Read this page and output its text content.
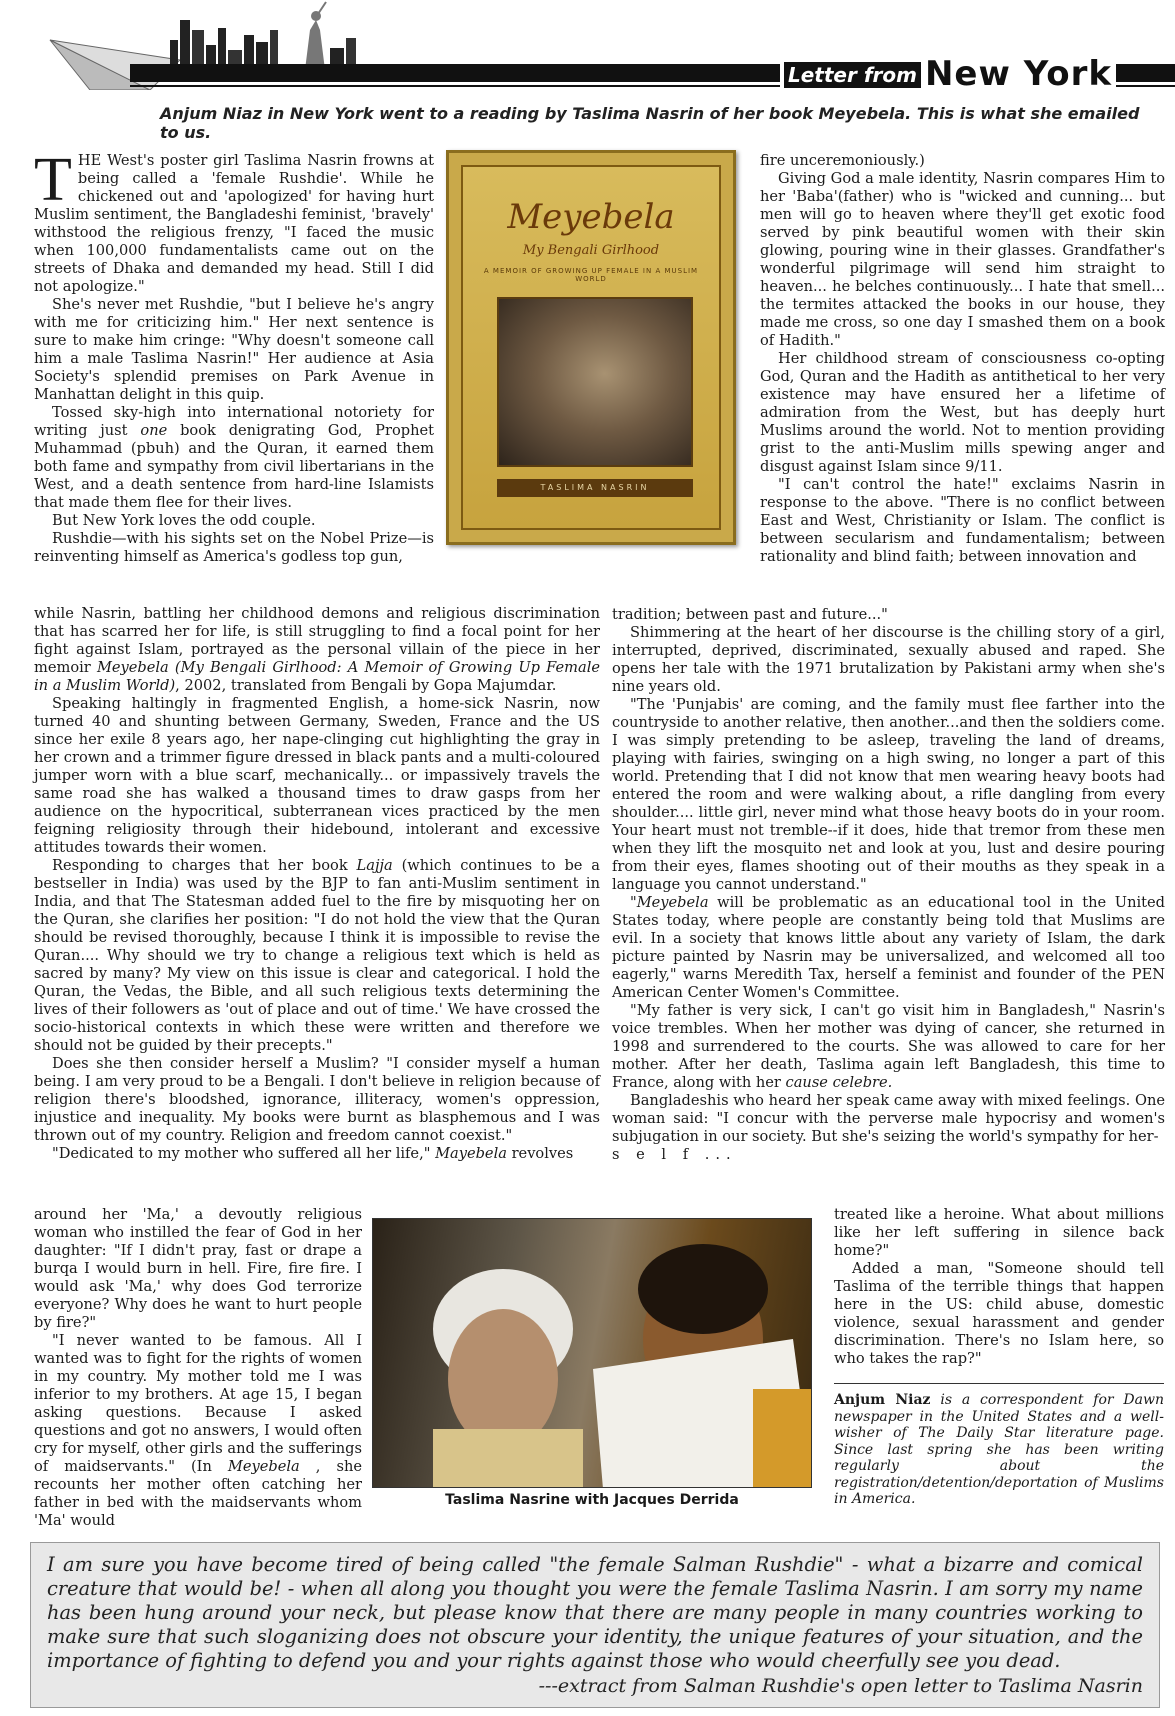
Letter from New York
Anjum Niaz in New York went to a reading by Taslima Nasrin of her book Meyebela. This is what she emailed to us.

THE West's poster girl Taslima Nasrin frowns at being called a 'female Rushdie'. While he chickened out and 'apologized' for having hurt Muslim sentiment, the Bangladeshi feminist, 'bravely' withstood the religious frenzy, "I faced the music when 100,000 fundamentalists came out on the streets of Dhaka and demanded my head. Still I did not apologize."

She's never met Rushdie, "but I believe he's angry with me for criticizing him." Her next sentence is sure to make him cringe: "Why doesn't someone call him a male Taslima Nasrin!" Her audience at Asia Society's splendid premises on Park Avenue in Manhattan delight in this quip.

Tossed sky-high into international notoriety for writing just one book denigrating God, Prophet Muhammad (pbuh) and the Quran, it earned them both fame and sympathy from civil libertarians in the West, and a death sentence from hard-line Islamists that made them flee for their lives.

But New York loves the odd couple.

Rushdie—with his sights set on the Nobel Prize—is reinventing himself as America's godless top gun,

Meyebela
My Bengali Girlhood
A MEMOIR OF GROWING UP FEMALE IN A MUSLIM WORLD
TASLIMA NASRIN

fire unceremoniously.)

Giving God a male identity, Nasrin compares Him to her 'Baba'(father) who is "wicked and cunning... but men will go to heaven where they'll get exotic food served by pink beautiful women with their skin glowing, pouring wine in their glasses. Grandfather's wonderful pilgrimage will send him straight to heaven... he belches continuously... I hate that smell... the termites attacked the books in our house, they made me cross, so one day I smashed them on a book of Hadith."

Her childhood stream of consciousness co-opting God, Quran and the Hadith as antithetical to her very existence may have ensured her a lifetime of admiration from the West, but has deeply hurt Muslims around the world. Not to mention providing grist to the anti-Muslim mills spewing anger and disgust against Islam since 9/11.

"I can't control the hate!" exclaims Nasrin in response to the above. "There is no conflict between East and West, Christianity or Islam. The conflict is between secularism and fundamentalism; between rationality and blind faith; between innovation and

while Nasrin, battling her childhood demons and religious discrimination that has scarred her for life, is still struggling to find a focal point for her fight against Islam, portrayed as the personal villain of the piece in her memoir Meyebela (My Bengali Girlhood: A Memoir of Growing Up Female in a Muslim World), 2002, translated from Bengali by Gopa Majumdar.

Speaking haltingly in fragmented English, a home-sick Nasrin, now turned 40 and shunting between Germany, Sweden, France and the US since her exile 8 years ago, her nape-clinging cut highlighting the gray in her crown and a trimmer figure dressed in black pants and a multi-coloured jumper worn with a blue scarf, mechanically... or impassively travels the same road she has walked a thousand times to draw gasps from her audience on the hypocritical, subterranean vices practiced by the men feigning religiosity through their hidebound, intolerant and excessive attitudes towards their women.

Responding to charges that her book Lajja (which continues to be a bestseller in India) was used by the BJP to fan anti-Muslim sentiment in India, and that The Statesman added fuel to the fire by misquoting her on the Quran, she clarifies her position: "I do not hold the view that the Quran should be revised thoroughly, because I think it is impossible to revise the Quran.... Why should we try to change a religious text which is held as sacred by many? My view on this issue is clear and categorical. I hold the Quran, the Vedas, the Bible, and all such religious texts determining the lives of their followers as 'out of place and out of time.' We have crossed the socio-historical contexts in which these were written and therefore we should not be guided by their precepts."

Does she then consider herself a Muslim? "I consider myself a human being. I am very proud to be a Bengali. I don't believe in religion because of religion there's bloodshed, ignorance, illiteracy, women's oppression, injustice and inequality. My books were burnt as blasphemous and I was thrown out of my country. Religion and freedom cannot coexist."

"Dedicated to my mother who suffered all her life," Mayebela revolves

tradition; between past and future..."

Shimmering at the heart of her discourse is the chilling story of a girl, interrupted, deprived, discriminated, sexually abused and raped. She opens her tale with the 1971 brutalization by Pakistani army when she's nine years old.

"The 'Punjabis' are coming, and the family must flee farther into the countryside to another relative, then another...and then the soldiers come. I was simply pretending to be asleep, traveling the land of dreams, playing with fairies, swinging on a high swing, no longer a part of this world. Pretending that I did not know that men wearing heavy boots had entered the room and were walking about, a rifle dangling from every shoulder.... little girl, never mind what those heavy boots do in your room. Your heart must not tremble--if it does, hide that tremor from these men when they lift the mosquito net and look at you, lust and desire pouring from their eyes, flames shooting out of their mouths as they speak in a language you cannot understand."

"Meyebela will be problematic as an educational tool in the United States today, where people are constantly being told that Muslims are evil. In a society that knows little about any variety of Islam, the dark picture painted by Nasrin may be universalized, and welcomed all too eagerly," warns Meredith Tax, herself a feminist and founder of the PEN American Center Women's Committee.

"My father is very sick, I can't go visit him in Bangladesh," Nasrin's voice trembles. When her mother was dying of cancer, she returned in 1998 and surrendered to the courts. She was allowed to care for her mother. After her death, Taslima again left Bangladesh, this time to France, along with her cause celebre.

Bangladeshis who heard her speak came away with mixed feelings. One woman said: "I concur with the perverse male hypocrisy and women's subjugation in our society. But she's seizing the world's sympathy for her-

s e l f ...

around her 'Ma,' a devoutly religious woman who instilled the fear of God in her daughter: "If I didn't pray, fast or drape a burqa I would burn in hell. Fire, fire fire. I would ask 'Ma,' why does God terrorize everyone? Why does he want to hurt people by fire?"

"I never wanted to be famous. All I wanted was to fight for the rights of women in my country. My mother told me I was inferior to my brothers. At age 15, I began asking questions. Because I asked questions and got no answers, I would often cry for myself, other girls and the sufferings of maidservants." (In Meyebela , she recounts her mother often catching her father in bed with the maidservants whom 'Ma' would

treated like a heroine. What about millions like her left suffering in silence back home?"

Added a man, "Someone should tell Taslima of the terrible things that happen here in the US: child abuse, domestic violence, sexual harassment and gender discrimination. There's no Islam here, so who takes the rap?"

Taslima Nasrine with Jacques Derrida
Anjum Niaz is a correspondent for Dawn newspaper in the United States and a well-wisher of The Daily Star literature page. Since last spring she has been writing regularly about the registration/detention/deportation of Muslims in America.
I am sure you have become tired of being called "the female Salman Rushdie" - what a bizarre and comical creature that would be! - when all along you thought you were the female Taslima Nasrin. I am sorry my name has been hung around your neck, but please know that there are many people in many countries working to make sure that such sloganizing does not obscure your identity, the unique features of your situation, and the importance of fighting to defend you and your rights against those who would cheerfully see you dead.
---extract from Salman Rushdie's open letter to Taslima Nasrin
